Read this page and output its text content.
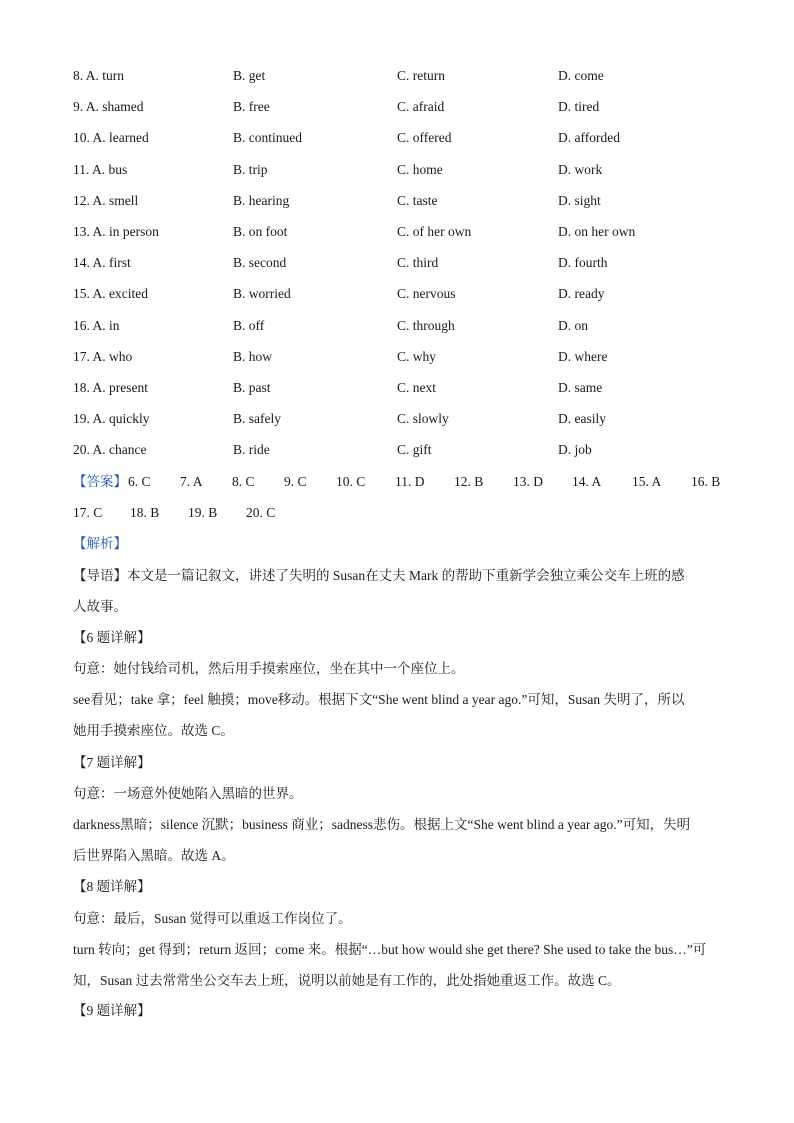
8. A. turn	B. get	C. return	D. come
9. A. shamed	B. free	C. afraid	D. tired
10. A. learned	B. continued	C. offered	D. afforded
11. A. bus	B. trip	C. home	D. work
12. A. smell	B. hearing	C. taste	D. sight
13. A. in person	B. on foot	C. of her own	D. on her own
14. A. first	B. second	C. third	D. fourth
15. A. excited	B. worried	C. nervous	D. ready
16. A. in	B. off	C. through	D. on
17. A. who	B. how	C. why	D. where
18. A. present	B. past	C. next	D. same
19. A. quickly	B. safely	C. slowly	D. easily
20. A. chance	B. ride	C. gift	D. job
【答案】 6. C 7. A 8. C 9. C 10. C 11. D 12. B 13. D 14. A 15. A 16. B
17. C 18. B 19. B 20. C
【解析】
【导语】本文是一篇记叙文，讲述了失明的 Susan在丈夫 Mark 的帮助下重新学会独立乘公交车上班的感
人故事。
【6 题详解】
句意：她付钱给司机，然后用手摸索座位，坐在其中一个座位上。
see看见；take 拿；feel 触摸；move移动。根据下文“She went blind a year ago.”可知，Susan 失明了，所以
她用手摸索座位。故选 C。
【7 题详解】
句意：一场意外使她陷入黑暗的世界。
darkness黑暗；silence 沉默；business 商业；sadness悲伤。根据上文“She went blind a year ago.”可知，失明
后世界陷入黑暗。故选 A。
【8 题详解】
句意：最后，Susan 觉得可以重返工作岗位了。
turn 转向；get 得到；return 返回；come 来。根据“…but how would she get there? She used to take the bus…”可
知，Susan 过去常常坐公交车去上班，说明以前她是有工作的，此处指她重返工作。故选 C。
【9 题详解】
